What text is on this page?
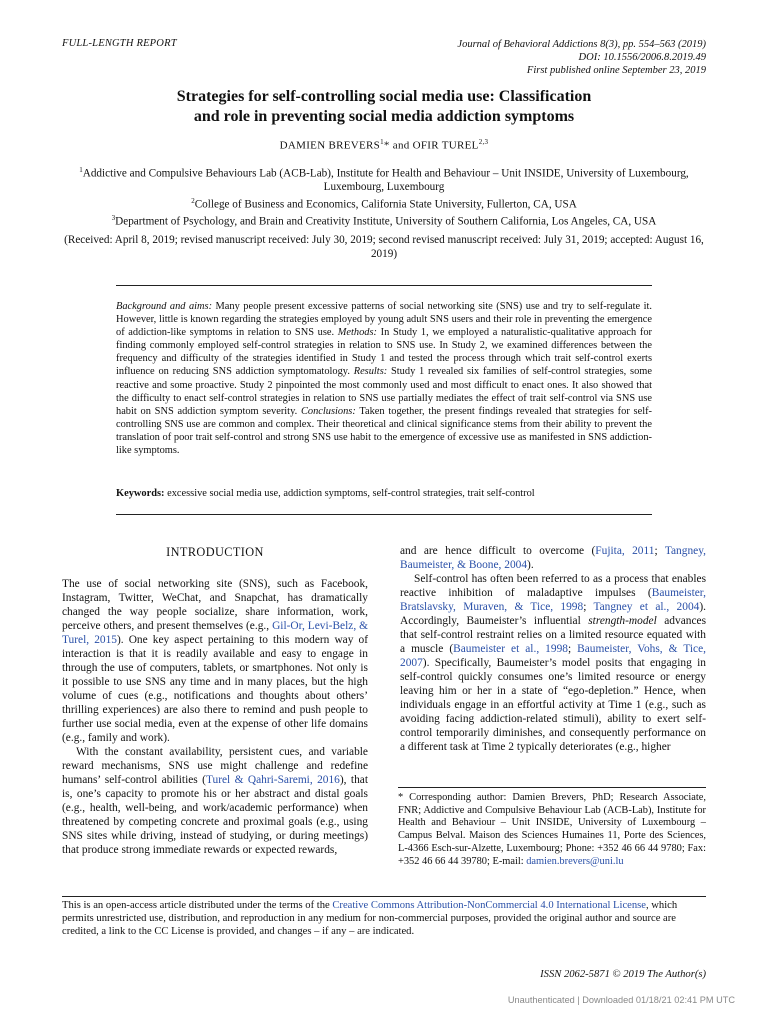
FULL-LENGTH REPORT	Journal of Behavioral Addictions 8(3), pp. 554–563 (2019)
DOI: 10.1556/2006.8.2019.49
First published online September 23, 2019
Strategies for self-controlling social media use: Classification
and role in preventing social media addiction symptoms
DAMIEN BREVERS$^1$* and OFIR TUREL$^{2,3}$
$^1$Addictive and Compulsive Behaviours Lab (ACB-Lab), Institute for Health and Behaviour – Unit INSIDE, University of Luxembourg, Luxembourg, Luxembourg
$^2$College of Business and Economics, California State University, Fullerton, CA, USA
$^3$Department of Psychology, and Brain and Creativity Institute, University of Southern California, Los Angeles, CA, USA
(Received: April 8, 2019; revised manuscript received: July 30, 2019; second revised manuscript received: July 31, 2019; accepted: August 16, 2019)
Background and aims: Many people present excessive patterns of social networking site (SNS) use and try to self-regulate it. However, little is known regarding the strategies employed by young adult SNS users and their role in preventing the emergence of addiction-like symptoms in relation to SNS use. Methods: In Study 1, we employed a naturalistic-qualitative approach for finding commonly employed self-control strategies in relation to SNS use. In Study 2, we examined differences between the frequency and difficulty of the strategies identified in Study 1 and tested the process through which trait self-control exerts influence on reducing SNS addiction symptomatology. Results: Study 1 revealed six families of self-control strategies, some reactive and some proactive. Study 2 pinpointed the most commonly used and most difficult to enact ones. It also showed that the difficulty to enact self-control strategies in relation to SNS use partially mediates the effect of trait self-control via SNS use habit on SNS addiction symptom severity. Conclusions: Taken together, the present findings revealed that strategies for self-controlling SNS use are common and complex. Their theoretical and clinical significance stems from their ability to prevent the translation of poor trait self-control and strong SNS use habit to the emergence of excessive use as manifested in SNS addiction-like symptoms.
Keywords: excessive social media use, addiction symptoms, self-control strategies, trait self-control
INTRODUCTION

The use of social networking site (SNS), such as Facebook, Instagram, Twitter, WeChat, and Snapchat, has dramatically changed the way people socialize, share information, work, perceive others, and present themselves (e.g., Gil-Or, Levi-Belz, & Turel, 2015). One key aspect pertaining to this modern way of interaction is that it is readily available and easy to engage in through the use of computers, tablets, or smartphones. Not only is it possible to use SNS any time and in many places, but the high volume of cues (e.g., notifications and thoughts about others’ thrilling experiences) are also there to remind and push people to further use social media, even at the expense of other life domains (e.g., family and work).

With the constant availability, persistent cues, and variable reward mechanisms, SNS use might challenge and redefine humans’ self-control abilities (Turel & Qahri-Saremi, 2016), that is, one’s capacity to promote his or her abstract and distal goals (e.g., health, well-being, and work/academic performance) when threatened by competing concrete and proximal goals (e.g., using SNS sites while driving, instead of studying, or during meetings) that produce strong immediate rewards or expected rewards,

and are hence difficult to overcome (Fujita, 2011; Tangney, Baumeister, & Boone, 2004).

Self-control has often been referred to as a process that enables reactive inhibition of maladaptive impulses (Baumeister, Bratslavsky, Muraven, & Tice, 1998; Tangney et al., 2004). Accordingly, Baumeister’s influential strength-model advances that self-control restraint relies on a limited resource equated with a muscle (Baumeister et al., 1998; Baumeister, Vohs, & Tice, 2007). Specifically, Baumeister’s model posits that engaging in self-control quickly consumes one’s limited resource or energy leaving him or her in a state of “ego-depletion.” Hence, when individuals engage in an effortful activity at Time 1 (e.g., such as avoiding facing addiction-related stimuli), ability to exert self-control temporarily diminishes, and consequently performance on a different task at Time 2 typically deteriorates (e.g., higher

* Corresponding author: Damien Brevers, PhD; Research Associate, FNR; Addictive and Compulsive Behaviour Lab (ACB-Lab), Institute for Health and Behaviour – Unit INSIDE, University of Luxembourg – Campus Belval. Maison des Sciences Humaines 11, Porte des Sciences, L-4366 Esch-sur-Alzette, Luxembourg; Phone: +352 46 66 44 9780; Fax: +352 46 66 44 39780; E-mail: damien.brevers@uni.lu
This is an open-access article distributed under the terms of the Creative Commons Attribution-NonCommercial 4.0 International License, which permits unrestricted use, distribution, and reproduction in any medium for non-commercial purposes, provided the original author and source are credited, a link to the CC License is provided, and changes – if any – are indicated.
ISSN 2062-5871 © 2019 The Author(s)
Unauthenticated | Downloaded 01/18/21 02:41 PM UTC
